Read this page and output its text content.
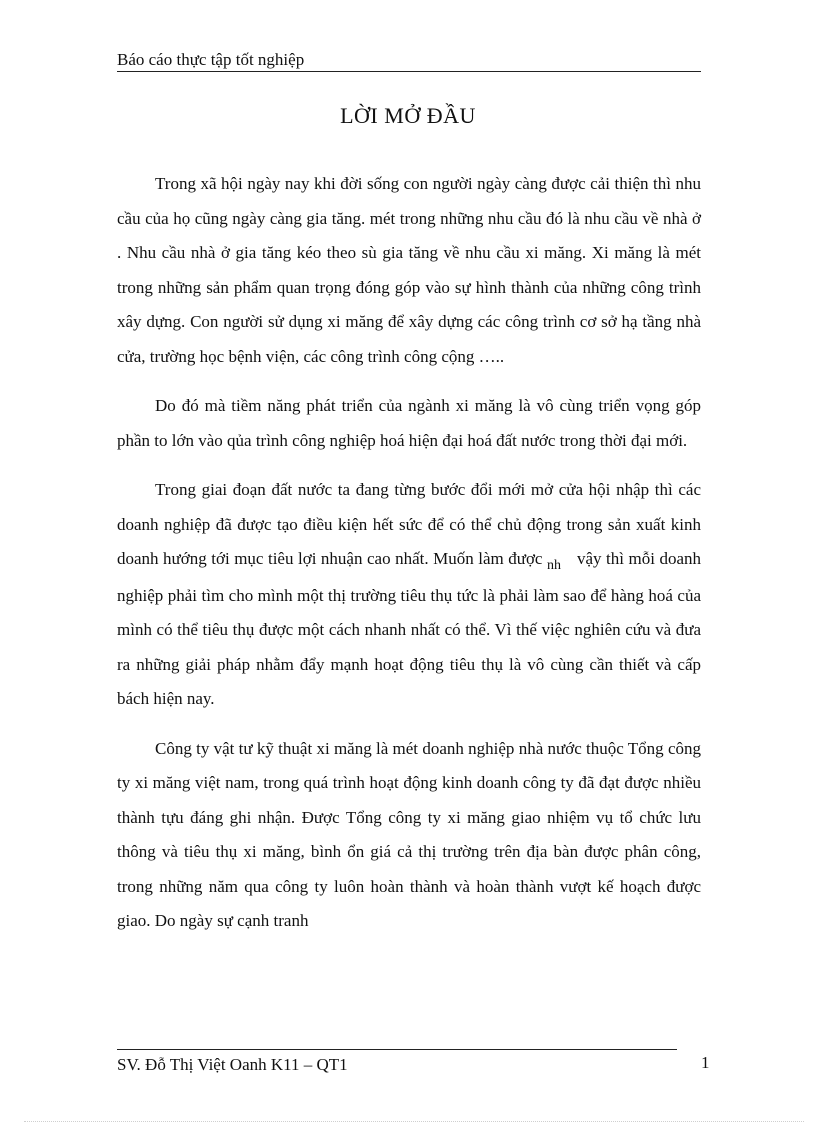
Báo cáo thực tập tốt nghiệp
LỜI MỞ ĐẦU

Trong xã hội ngày nay khi đời sống con người ngày càng được cải thiện thì nhu cầu của họ cũng ngày càng gia tăng. mét trong những nhu cầu đó là nhu cầu về nhà ở . Nhu cầu nhà ở gia tăng kéo theo sù gia tăng về nhu cầu xi măng. Xi măng là mét trong những sản phẩm quan trọng đóng góp vào sự hình thành của những công trình xây dựng. Con người sử dụng xi măng để xây dựng các công trình cơ sở hạ tầng nhà cửa, trường học bệnh viện, các công trình công cộng …..

Do đó mà tiềm năng phát triển của ngành xi măng là vô cùng triển vọng góp phần to lớn vào qủa trình công nghiệp hoá hiện đại hoá đất nước trong thời đại mới.

Trong giai đoạn đất nước ta đang từng bước đổi mới mở cửa hội nhập thì các doanh nghiệp đã được tạo điều kiện hết sức để có thể chủ động trong sản xuất kinh doanh hướng tới mục tiêu lợi nhuận cao nhất. Muốn làm được $_{nh}$ vậy thì mỗi doanh nghiệp phải tìm cho mình một thị trường tiêu thụ tức là phải làm sao để hàng hoá của mình có thể tiêu thụ được một cách nhanh nhất có thể. Vì thế việc nghiên cứu và đưa ra những giải pháp nhằm đẩy mạnh hoạt động tiêu thụ là vô cùng cần thiết và cấp bách hiện nay.

Công ty vật tư kỹ thuật xi măng là mét doanh nghiệp nhà nước thuộc Tổng công ty xi măng việt nam, trong quá trình hoạt động kinh doanh công ty đã đạt được nhiều thành tựu đáng ghi nhận. Được Tổng công ty xi măng giao nhiệm vụ tổ chức lưu thông và tiêu thụ xi măng, bình ổn giá cả thị trường trên địa bàn được phân công, trong những năm qua công ty luôn hoàn thành và hoàn thành vượt kế hoạch được giao. Do ngày sự cạnh tranh

SV. Đỗ Thị Việt Oanh K11 – QT1	1
